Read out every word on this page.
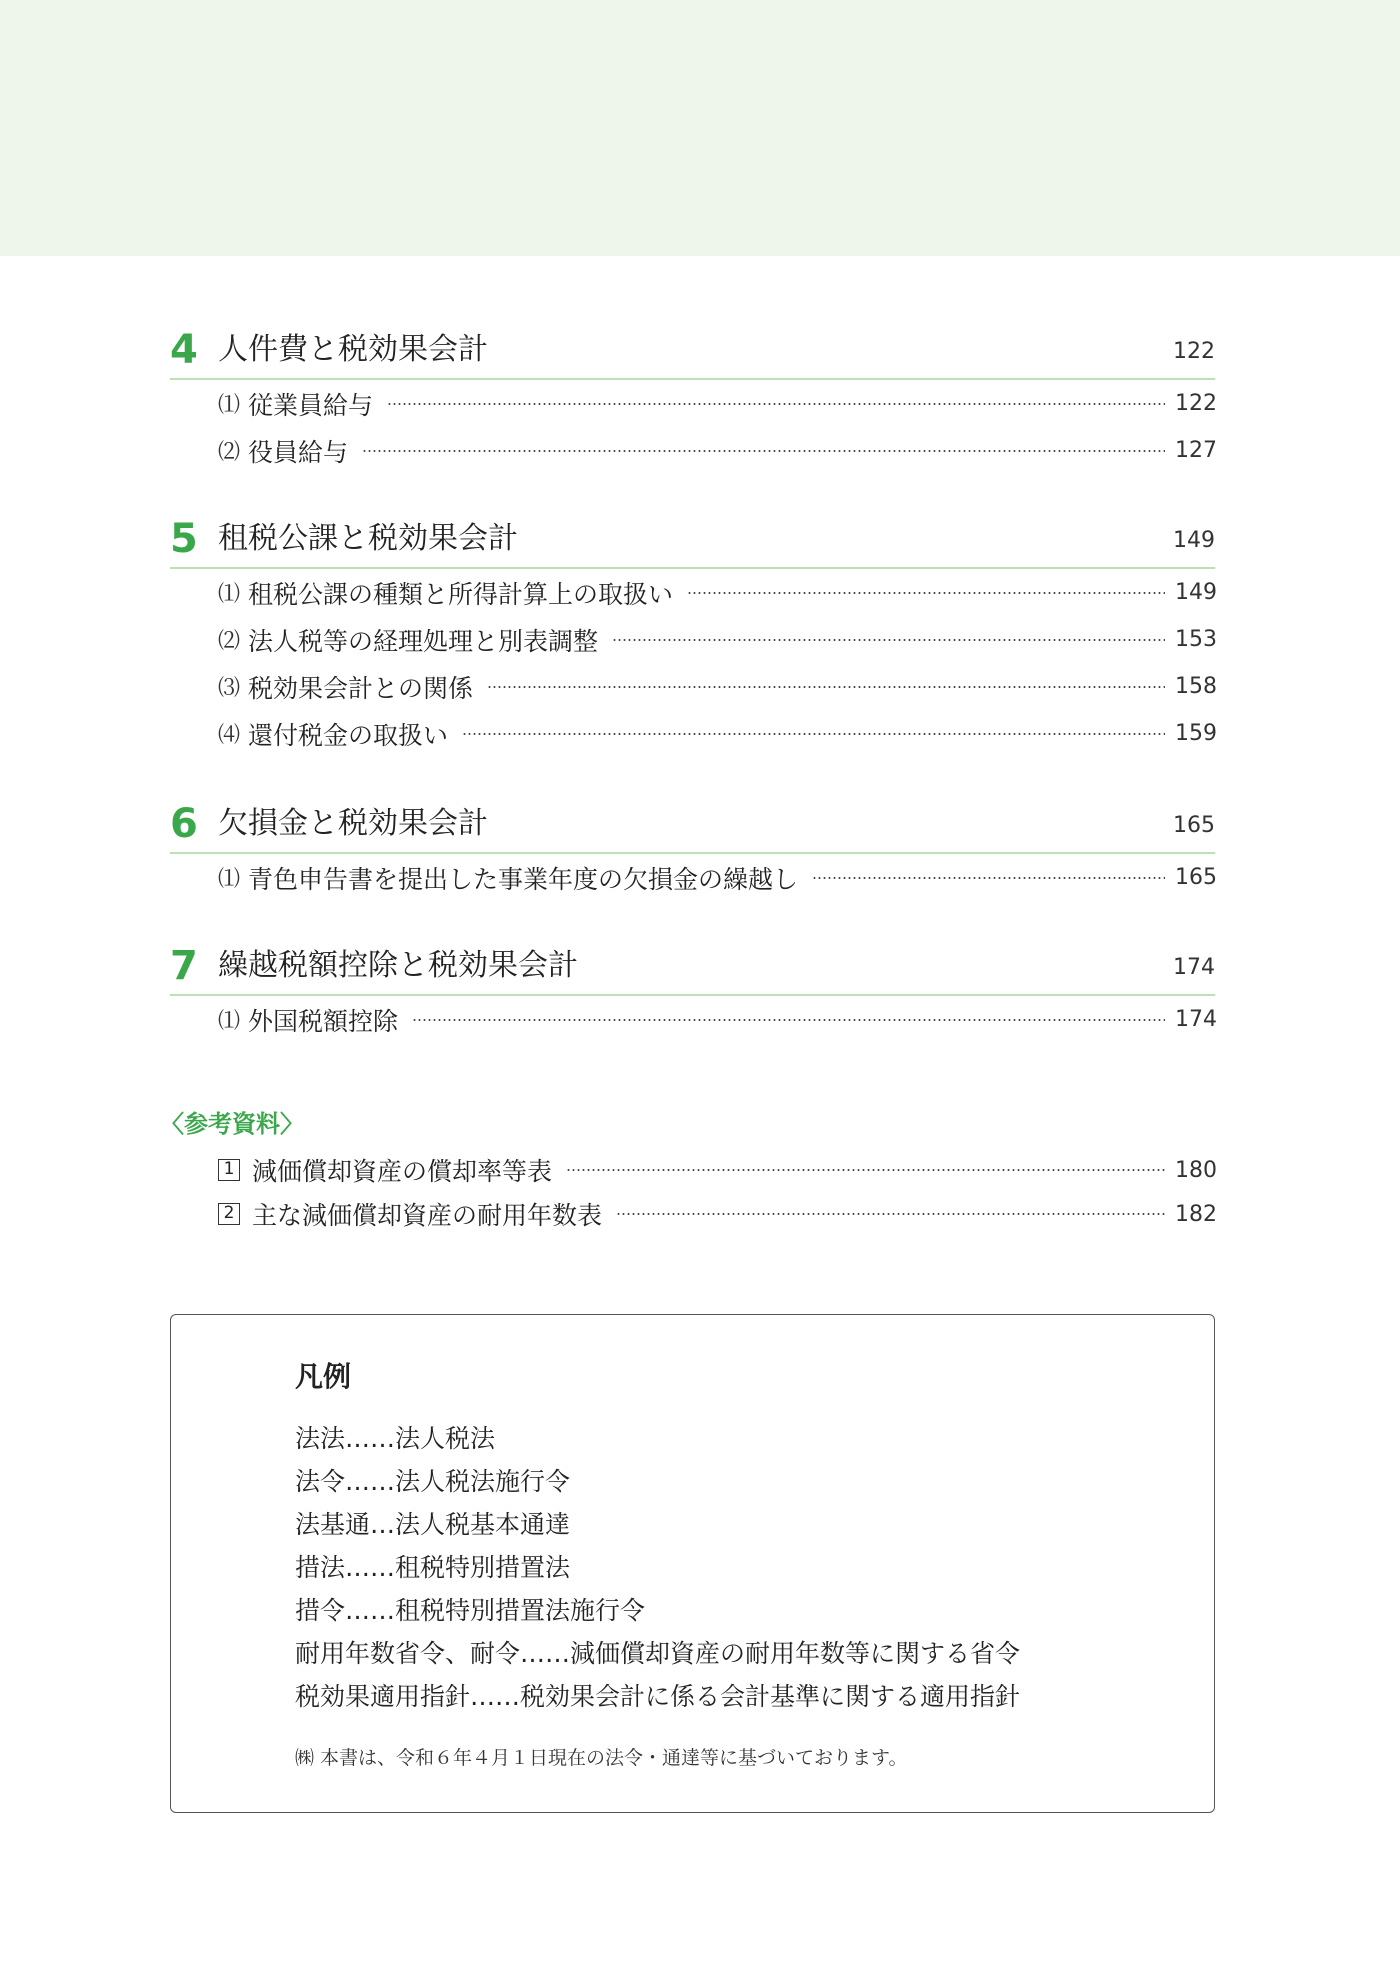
4 人件費と税効果会計	122
⑴ 従業員給与	122
⑵ 役員給与	127
5 租税公課と税効果会計	149
⑴ 租税公課の種類と所得計算上の取扱い	149
⑵ 法人税等の経理処理と別表調整	153
⑶ 税効果会計との関係	158
⑷ 還付税金の取扱い	159
6 欠損金と税効果会計	165
⑴ 青色申告書を提出した事業年度の欠損金の繰越し	165
7 繰越税額控除と税効果会計	174
⑴ 外国税額控除	174
〈参考資料〉
1 減価償却資産の償却率等表	180
2 主な減価償却資産の耐用年数表	182
凡例
法法……法人税法
法令……法人税法施行令
法基通…法人税基本通達
措法……租税特別措置法
措令……租税特別措置法施行令
耐用年数省令、耐令……減価償却資産の耐用年数等に関する省令
税効果適用指針……税効果会計に係る会計基準に関する適用指針
㈱ 本書は、令和６年４月１日現在の法令・通達等に基づいております。
